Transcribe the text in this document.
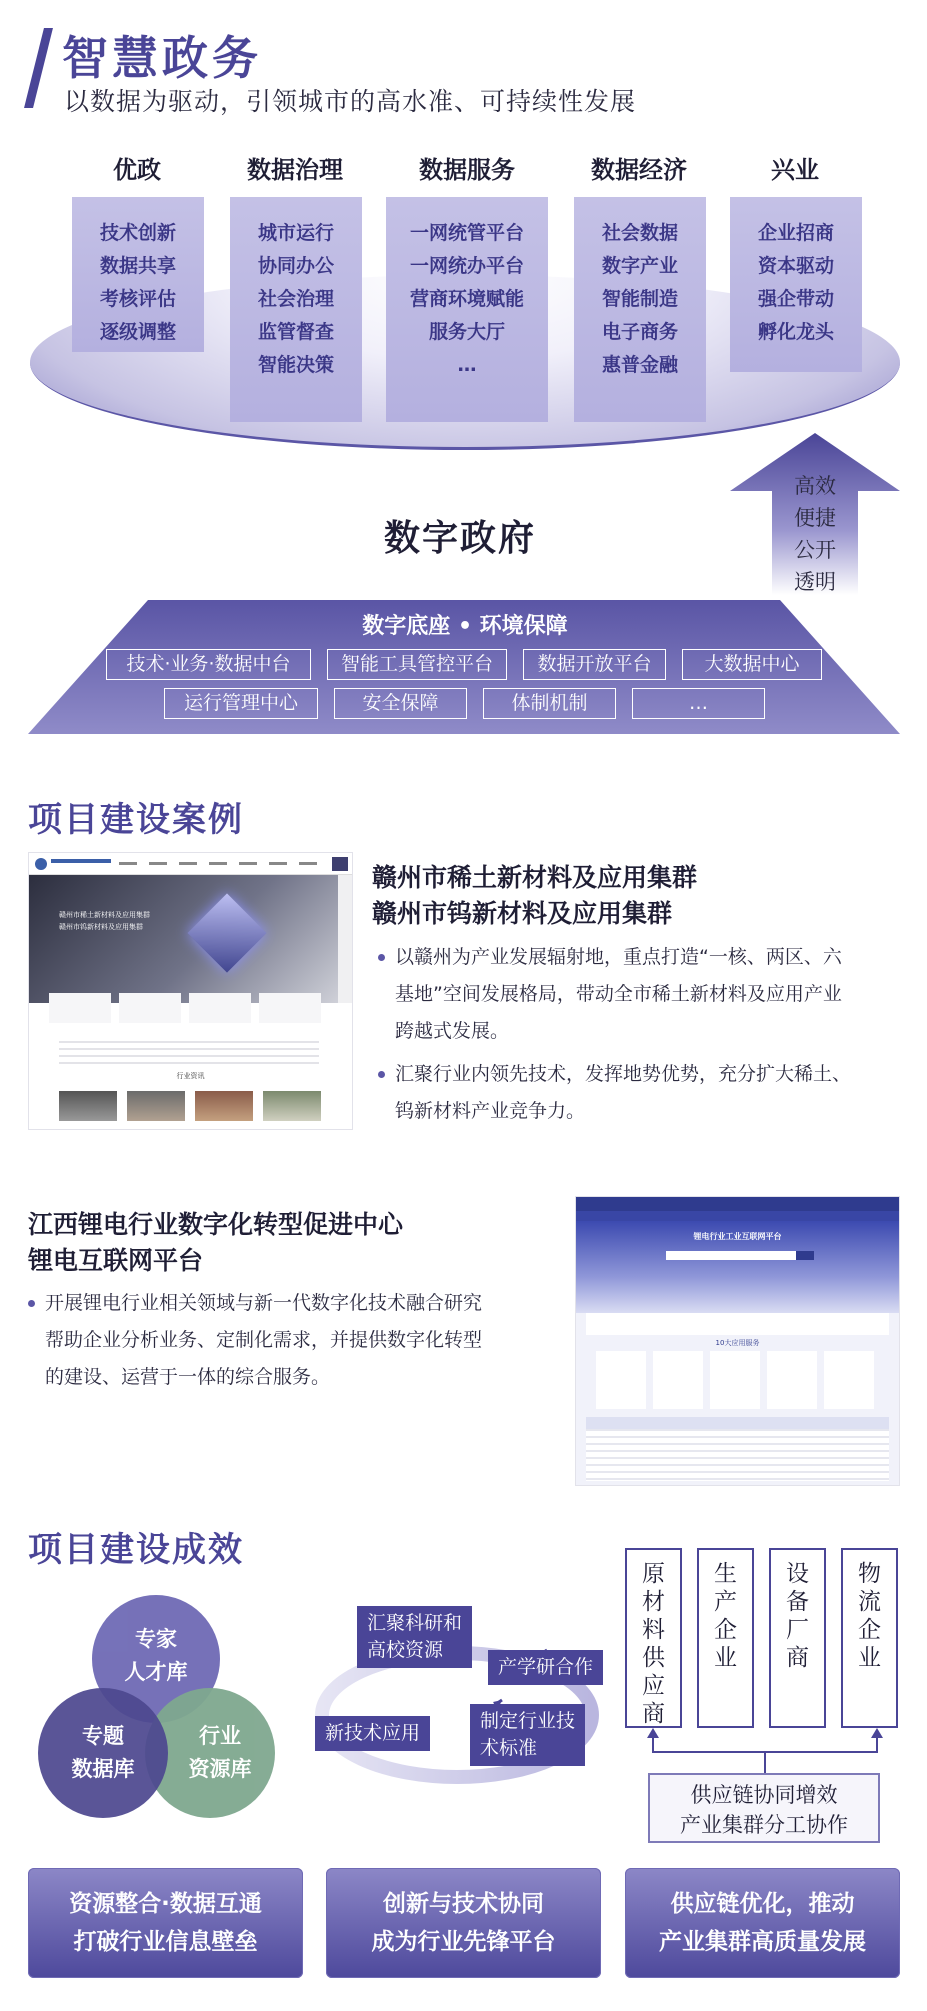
智慧政务
以数据为驱动，引领城市的高水准、可持续性发展
优政	数据治理	数据服务	数据经济	兴业
技术创新
数据共享
考核评估
逐级调整
城市运行
协同办公
社会治理
监管督查
智能决策
一网统管平台
一网统办平台
营商环境赋能
服务大厅
…
社会数据
数字产业
智能制造
电子商务
惠普金融
企业招商
资本驱动
强企带动
孵化龙头
高效
便捷
公开
透明
数字政府
数字底座 • 环境保障
技术·业务·数据中台	智能工具管控平台	数据开放平台	大数据中心
运行管理中心	安全保障	体制机制	…
项目建设案例
赣州市稀土新材料及应用集群
赣州市钨新材料及应用集群
行业资讯
赣州市稀土新材料及应用集群
赣州市钨新材料及应用集群
以赣州为产业发展辐射地，重点打造“一核、两区、六
基地”空间发展格局，带动全市稀土新材料及应用产业
跨越式发展。
汇聚行业内领先技术，发挥地势优势，充分扩大稀土、
钨新材料产业竞争力。
江西锂电行业数字化转型促进中心
锂电互联网平台
开展锂电行业相关领域与新一代数字化技术融合研究
帮助企业分析业务、定制化需求，并提供数字化转型
的建设、运营于一体的综合服务。
锂电行业工业互联网平台
10大应用服务
项目建设成效
专家
人才库
行业
资源库
专题
数据库
汇聚科研和
高校资源
产学研合作
新技术应用
制定行业技
术标准
原
材
料
供
应
商
生
产
企
业
设
备
厂
商
物
流
企
业
供应链协同增效
产业集群分工协作
资源整合·数据互通
打破行业信息壁垒
创新与技术协同
成为行业先锋平台
供应链优化，推动
产业集群高质量发展
